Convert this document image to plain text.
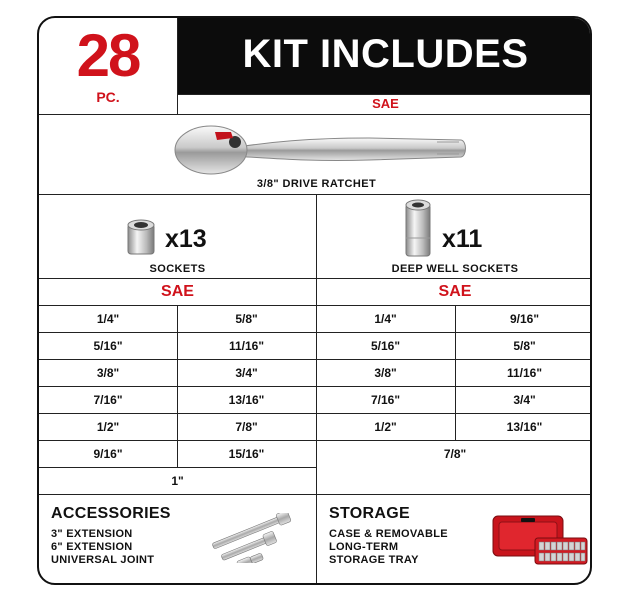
28
PC.
KIT INCLUDES
SAE
3/8" DRIVE RATCHET
x13
SOCKETS
x11
DEEP WELL SOCKETS
SAE	SAE
1/4"	5/8"
5/16"	11/16"
3/8"	3/4"
7/16"	13/16"
1/2"	7/8"
9/16"	15/16"
1"
1/4"	9/16"
5/16"	5/8"
3/8"	11/16"
7/16"	3/4"
1/2"	13/16"
7/8"
ACCESSORIES
3" EXTENSION
6" EXTENSION
UNIVERSAL JOINT
STORAGE
CASE & REMOVABLE
LONG-TERM
STORAGE TRAY
